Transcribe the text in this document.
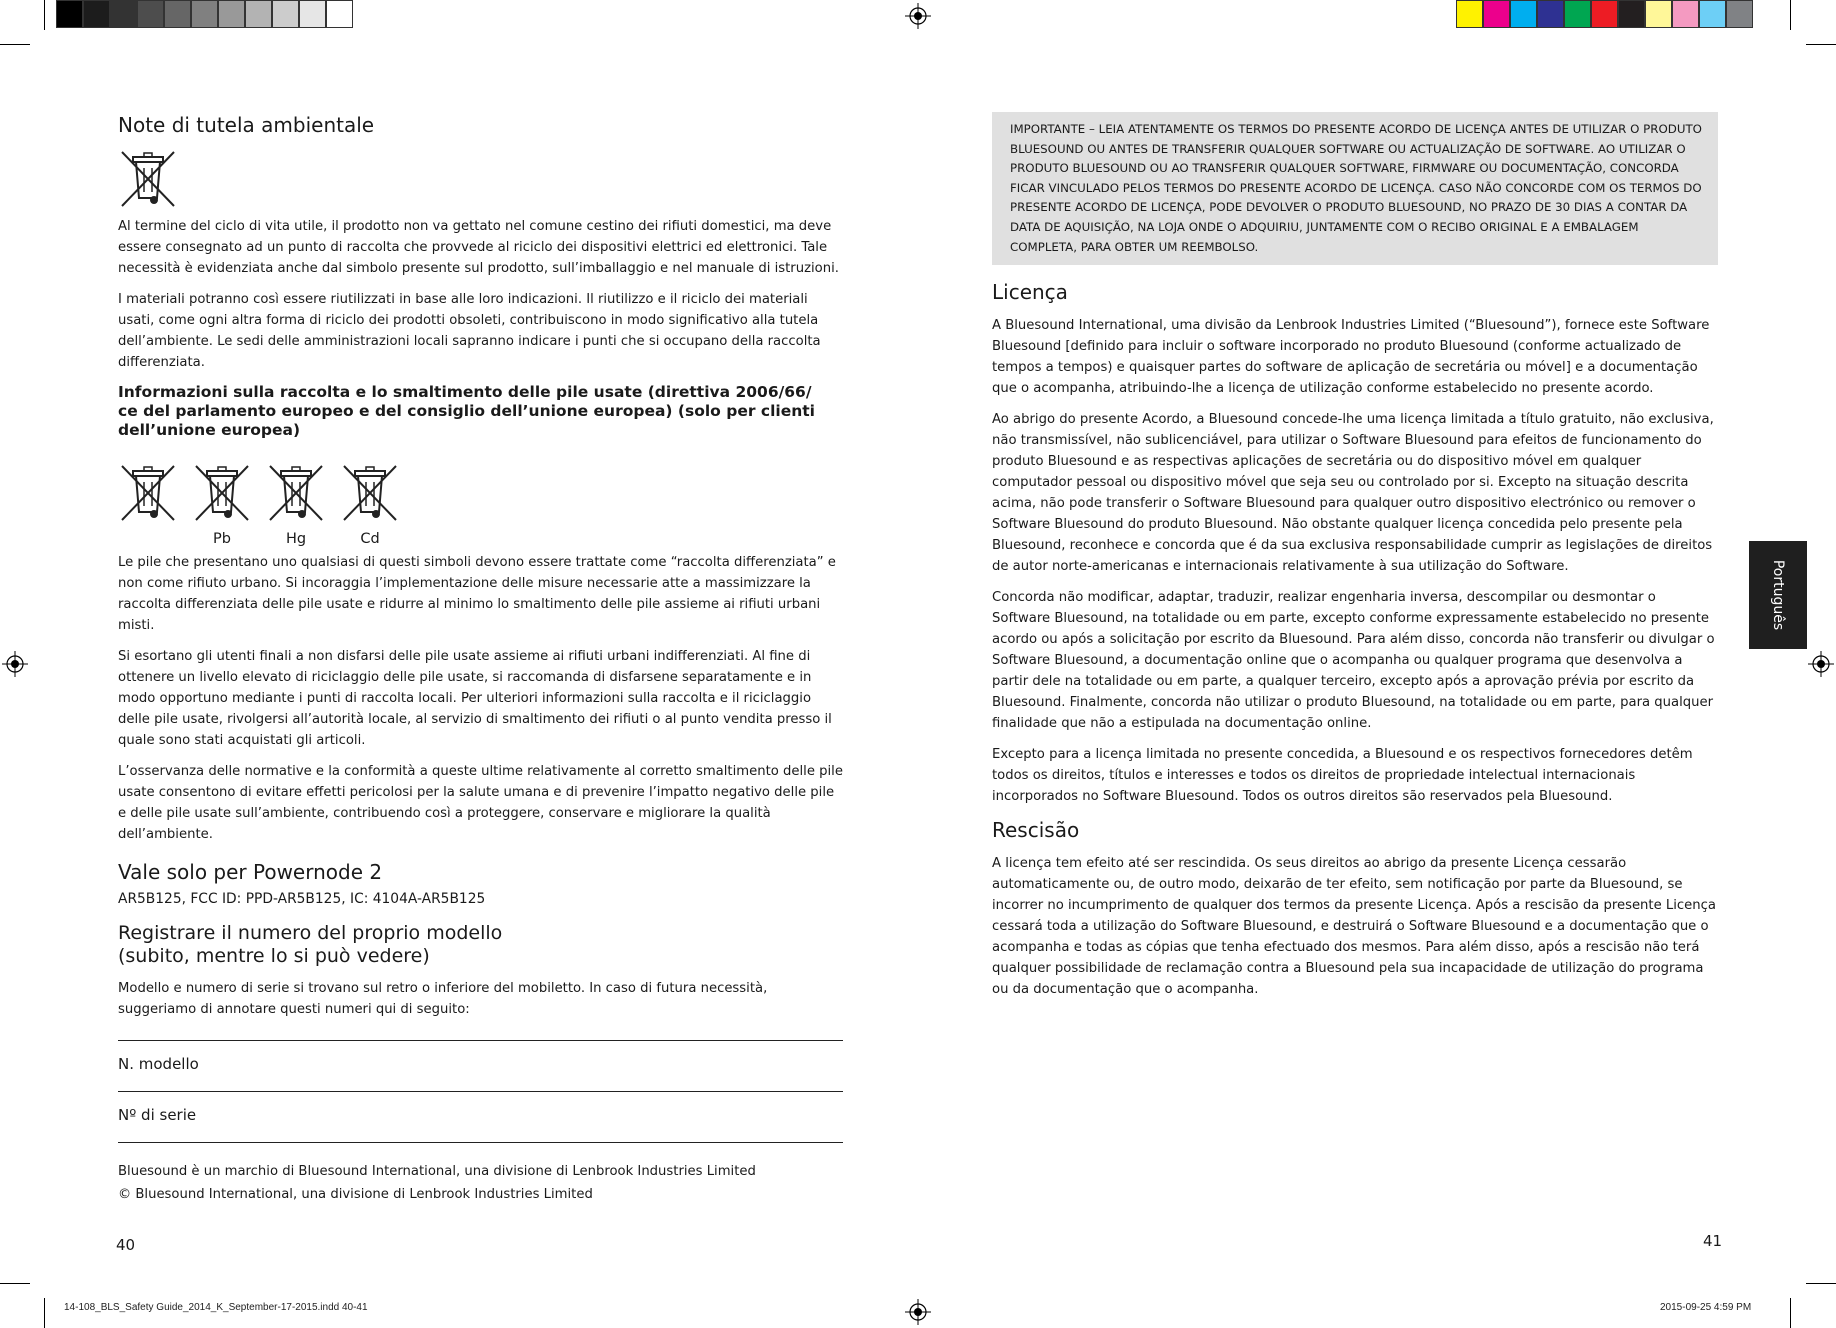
Note di tutela ambientale

Al termine del ciclo di vita utile, il prodotto non va gettato nel comune cestino dei rifiuti domestici, ma deve essere consegnato ad un punto di raccolta che provvede al riciclo dei dispositivi elettrici ed elettronici. Tale necessità è evidenziata anche dal simbolo presente sul prodotto, sull’imballaggio e nel manuale di istruzioni.

I materiali potranno così essere riutilizzati in base alle loro indicazioni. Il riutilizzo e il riciclo dei materiali usati, come ogni altra forma di riciclo dei prodotti obsoleti, contribuiscono in modo significativo alla tutela dell’ambiente. Le sedi delle amministrazioni locali sapranno indicare i punti che si occupano della raccolta differenziata.

Informazioni sulla raccolta e lo smaltimento delle pile usate (direttiva 2006/66/ ce del parlamento europeo e del consiglio dell’unione europea) (solo per clienti dell’unione europea)
Pb	Hg	Cd

Le pile che presentano uno qualsiasi di questi simboli devono essere trattate come “raccolta differenziata” e non come rifiuto urbano. Si incoraggia l’implementazione delle misure necessarie atte a massimizzare la raccolta differenziata delle pile usate e ridurre al minimo lo smaltimento delle pile assieme ai rifiuti urbani misti.

Si esortano gli utenti finali a non disfarsi delle pile usate assieme ai rifiuti urbani indifferenziati. Al fine di ottenere un livello elevato di riciclaggio delle pile usate, si raccomanda di disfarsene separatamente e in modo opportuno mediante i punti di raccolta locali. Per ulteriori informazioni sulla raccolta e il riciclaggio delle pile usate, rivolgersi all’autorità locale, al servizio di smaltimento dei rifiuti o al punto vendita presso il quale sono stati acquistati gli articoli.

L’osservanza delle normative e la conformità a queste ultime relativamente al corretto smaltimento delle pile usate consentono di evitare effetti pericolosi per la salute umana e di prevenire l’impatto negativo delle pile e delle pile usate sull’ambiente, contribuendo così a proteggere, conservare e migliorare la qualità dell’ambiente.

Vale solo per Powernode 2

AR5B125, FCC ID: PPD-AR5B125, IC: 4104A-AR5B125

Registrare il numero del proprio modello (subito, mentre lo si può vedere)

Modello e numero di serie si trovano sul retro o inferiore del mobiletto. In caso di futura necessità, suggeriamo di annotare questi numeri qui di seguito:

N. modello
Nº di serie

Bluesound è un marchio di Bluesound International, una divisione di Lenbrook Industries Limited

© Bluesound International, una divisione di Lenbrook Industries Limited

40
IMPORTANTE – LEIA ATENTAMENTE OS TERMOS DO PRESENTE ACORDO DE LICENÇA ANTES DE UTILIZAR O PRODUTO BLUESOUND OU ANTES DE TRANSFERIR QUALQUER SOFTWARE OU ACTUALIZAÇÃO DE SOFTWARE. AO UTILIZAR O PRODUTO BLUESOUND OU AO TRANSFERIR QUALQUER SOFTWARE, FIRMWARE OU DOCUMENTAÇÃO, CONCORDA FICAR VINCULADO PELOS TERMOS DO PRESENTE ACORDO DE LICENÇA. CASO NÃO CONCORDE COM OS TERMOS DO PRESENTE ACORDO DE LICENÇA, PODE DEVOLVER O PRODUTO BLUESOUND, NO PRAZO DE 30 DIAS A CONTAR DA DATA DE AQUISIÇÃO, NA LOJA ONDE O ADQUIRIU, JUNTAMENTE COM O RECIBO ORIGINAL E A EMBALAGEM COMPLETA, PARA OBTER UM REEMBOLSO.
Licença

A Bluesound International, uma divisão da Lenbrook Industries Limited (“Bluesound”), fornece este Software Bluesound [definido para incluir o software incorporado no produto Bluesound (conforme actualizado de tempos a tempos) e quaisquer partes do software de aplicação de secretária ou móvel] e a documentação que o acompanha, atribuindo-lhe a licença de utilização conforme estabelecido no presente acordo.

Ao abrigo do presente Acordo, a Bluesound concede-lhe uma licença limitada a título gratuito, não exclusiva, não transmissível, não sublicenciável, para utilizar o Software Bluesound para efeitos de funcionamento do produto Bluesound e as respectivas aplicações de secretária ou do dispositivo móvel em qualquer computador pessoal ou dispositivo móvel que seja seu ou controlado por si. Excepto na situação descrita acima, não pode transferir o Software Bluesound para qualquer outro dispositivo electrónico ou remover o Software Bluesound do produto Bluesound. Não obstante qualquer licença concedida pelo presente pela Bluesound, reconhece e concorda que é da sua exclusiva responsabilidade cumprir as legislações de direitos de autor norte-americanas e internacionais relativamente à sua utilização do Software.

Concorda não modificar, adaptar, traduzir, realizar engenharia inversa, descompilar ou desmontar o Software Bluesound, na totalidade ou em parte, excepto conforme expressamente estabelecido no presente acordo ou após a solicitação por escrito da Bluesound. Para além disso, concorda não transferir ou divulgar o Software Bluesound, a documentação online que o acompanha ou qualquer programa que desenvolva a partir dele na totalidade ou em parte, a qualquer terceiro, excepto após a aprovação prévia por escrito da Bluesound. Finalmente, concorda não utilizar o produto Bluesound, na totalidade ou em parte, para qualquer finalidade que não a estipulada na documentação online.

Excepto para a licença limitada no presente concedida, a Bluesound e os respectivos fornecedores detêm todos os direitos, títulos e interesses e todos os direitos de propriedade intelectual internacionais incorporados no Software Bluesound. Todos os outros direitos são reservados pela Bluesound.

Rescisão

A licença tem efeito até ser rescindida. Os seus direitos ao abrigo da presente Licença cessarão automaticamente ou, de outro modo, deixarão de ter efeito, sem notificação por parte da Bluesound, se incorrer no incumprimento de qualquer dos termos da presente Licença. Após a rescisão da presente Licença cessará toda a utilização do Software Bluesound, e destruirá o Software Bluesound e a documentação que o acompanha e todas as cópias que tenha efectuado dos mesmos. Para além disso, após a rescisão não terá qualquer possibilidade de reclamação contra a Bluesound pela sua incapacidade de utilização do programa ou da documentação que o acompanha.

41
Português
14-108_BLS_Safety Guide_2014_K_September-17-2015.indd 40-41	2015-09-25 4:59 PM
